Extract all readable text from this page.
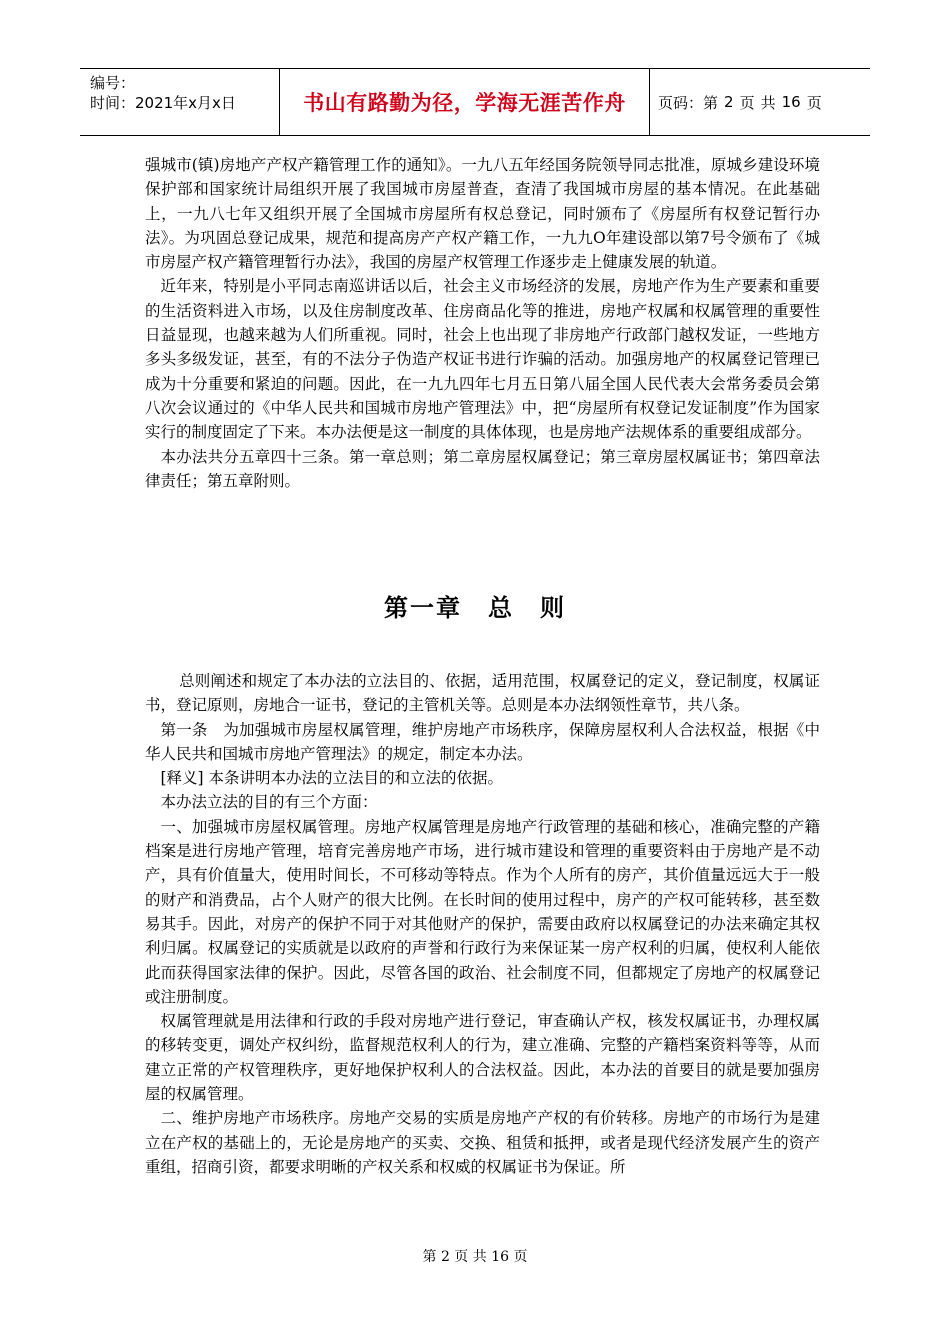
编号：
时间：2021年x月x日	书山有路勤为径，学海无涯苦作舟	页码：第 2 页 共 16 页

强城市(镇)房地产产权产籍管理工作的通知》。一九八五年经国务院领导同志批准，原城乡建设环境保护部和国家统计局组织开展了我国城市房屋普查，查清了我国城市房屋的基本情况。在此基础上，一九八七年又组织开展了全国城市房屋所有权总登记，同时颁布了《房屋所有权登记暂行办法》。为巩固总登记成果，规范和提高房产产权产籍工作，一九九O年建设部以第7号令颁布了《城市房屋产权产籍管理暂行办法》，我国的房屋产权管理工作逐步走上健康发展的轨道。

近年来，特别是小平同志南巡讲话以后，社会主义市场经济的发展，房地产作为生产要素和重要的生活资料进入市场，以及住房制度改革、住房商品化等的推进，房地产权属和权属管理的重要性日益显现，也越来越为人们所重视。同时，社会上也出现了非房地产行政部门越权发证，一些地方多头多级发证，甚至，有的不法分子伪造产权证书进行诈骗的活动。加强房地产的权属登记管理已成为十分重要和紧迫的问题。因此，在一九九四年七月五日第八届全国人民代表大会常务委员会第八次会议通过的《中华人民共和国城市房地产管理法》中，把“房屋所有权登记发证制度”作为国家实行的制度固定了下来。本办法便是这一制度的具体体现，也是房地产法规体系的重要组成部分。

本办法共分五章四十三条。第一章总则；第二章房屋权属登记；第三章房屋权属证书；第四章法律责任；第五章附则。

第一章　总　则

总则阐述和规定了本办法的立法目的、依据，适用范围，权属登记的定义，登记制度，权属证书，登记原则，房地合一证书，登记的主管机关等。总则是本办法纲领性章节，共八条。

第一条　为加强城市房屋权属管理，维护房地产市场秩序，保障房屋权利人合法权益，根据《中华人民共和国城市房地产管理法》的规定，制定本办法。

[释义] 本条讲明本办法的立法目的和立法的依据。

本办法立法的目的有三个方面：

一、加强城市房屋权属管理。房地产权属管理是房地产行政管理的基础和核心，准确完整的产籍档案是进行房地产管理，培育完善房地产市场，进行城市建设和管理的重要资料由于房地产是不动产，具有价值量大，使用时间长，不可移动等特点。作为个人所有的房产，其价值量远远大于一般的财产和消费品，占个人财产的很大比例。在长时间的使用过程中，房产的产权可能转移，甚至数易其手。因此，对房产的保护不同于对其他财产的保护，需要由政府以权属登记的办法来确定其权利归属。权属登记的实质就是以政府的声誉和行政行为来保证某一房产权利的归属，使权利人能依此而获得国家法律的保护。因此，尽管各国的政治、社会制度不同，但都规定了房地产的权属登记或注册制度。

权属管理就是用法律和行政的手段对房地产进行登记，审查确认产权，核发权属证书，办理权属的移转变更，调处产权纠纷，监督规范权利人的行为，建立准确、完整的产籍档案资料等等，从而建立正常的产权管理秩序，更好地保护权利人的合法权益。因此，本办法的首要目的就是要加强房屋的权属管理。

二、维护房地产市场秩序。房地产交易的实质是房地产产权的有价转移。房地产的市场行为是建立在产权的基础上的，无论是房地产的买卖、交换、租赁和抵押，或者是现代经济发展产生的资产重组，招商引资，都要求明晰的产权关系和权威的权属证书为保证。所

第 2 页 共 16 页
